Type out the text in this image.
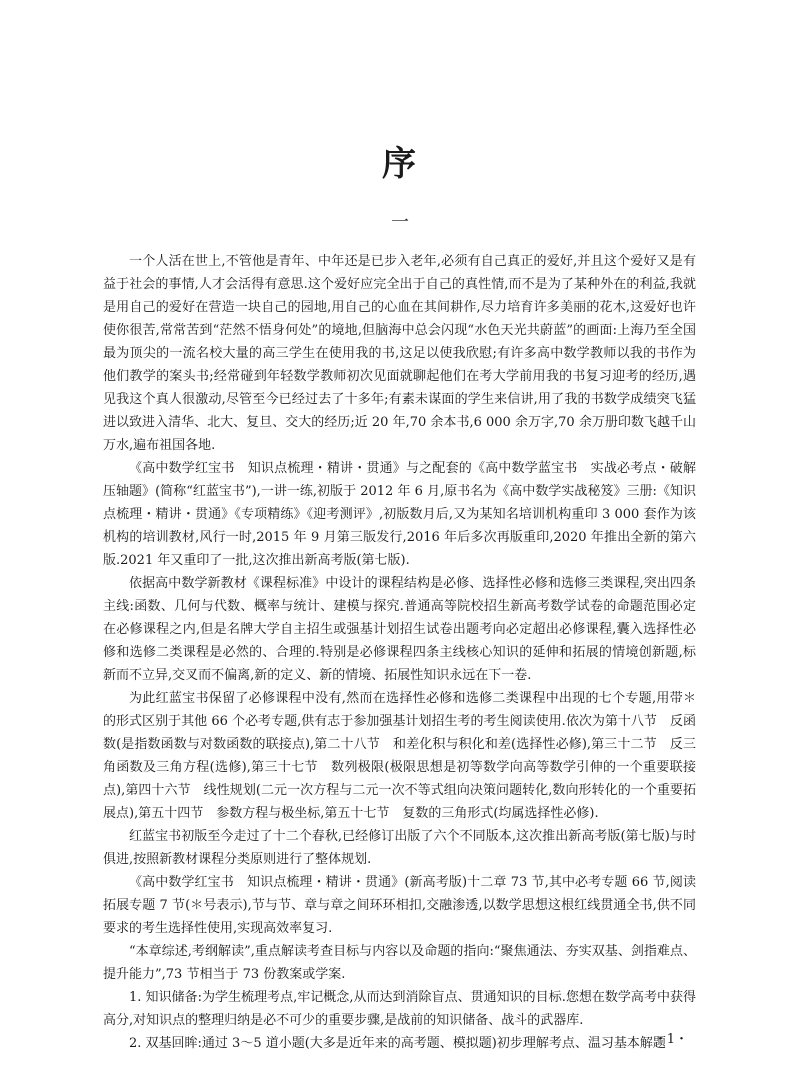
序
一

一个人活在世上,不管他是青年、中年还是已步入老年,必须有自己真正的爱好,并且这个爱好又是有益于社会的事情,人才会活得有意思.这个爱好应完全出于自己的真性情,而不是为了某种外在的利益,我就是用自己的爱好在营造一块自己的园地,用自己的心血在其间耕作,尽力培育许多美丽的花木,这爱好也许使你很苦,常常苦到“茫然不悟身何处”的境地,但脑海中总会闪现“水色天光共蔚蓝”的画面:上海乃至全国最为顶尖的一流名校大量的高三学生在使用我的书,这足以使我欣慰;有许多高中数学教师以我的书作为他们教学的案头书;经常碰到年轻数学教师初次见面就聊起他们在考大学前用我的书复习迎考的经历,遇见我这个真人很激动,尽管至今已经过去了十多年;有素未谋面的学生来信讲,用了我的书数学成绩突飞猛进以致进入清华、北大、复旦、交大的经历;近 20 年,70 余本书,6 000 余万字,70 余万册印数飞越千山万水,遍布祖国各地.

《高中数学红宝书　知识点梳理・精讲・贯通》与之配套的《高中数学蓝宝书　实战必考点・破解压轴题》(简称“红蓝宝书”),一讲一练,初版于 2012 年 6 月,原书名为《高中数学实战秘笈》三册:《知识点梳理・精讲・贯通》《专项精练》《迎考测评》,初版数月后,又为某知名培训机构重印 3 000 套作为该机构的培训教材,风行一时,2015 年 9 月第三版发行,2016 年后多次再版重印,2020 年推出全新的第六版.2021 年又重印了一批,这次推出新高考版(第七版).

依据高中数学新教材《课程标准》中设计的课程结构是必修、选择性必修和选修三类课程,突出四条主线:函数、几何与代数、概率与统计、建模与探究.普通高等院校招生新高考数学试卷的命题范围必定在必修课程之内,但是名牌大学自主招生或强基计划招生试卷出题考向必定超出必修课程,囊入选择性必修和选修二类课程是必然的、合理的.特别是必修课程四条主线核心知识的延伸和拓展的情境创新题,标新而不立异,交叉而不偏离,新的定义、新的情境、拓展性知识永远在下一卷.

为此红蓝宝书保留了必修课程中没有,然而在选择性必修和选修二类课程中出现的七个专题,用带＊的形式区别于其他 66 个必考专题,供有志于参加强基计划招生考的考生阅读使用.依次为第十八节　反函数(是指数函数与对数函数的联接点),第二十八节　和差化积与积化和差(选择性必修),第三十二节　反三角函数及三角方程(选修),第三十七节　数列极限(极限思想是初等数学向高等数学引伸的一个重要联接点),第四十六节　线性规划(二元一次方程与二元一次不等式组向决策问题转化,数向形转化的一个重要拓展点),第五十四节　参数方程与极坐标,第五十七节　复数的三角形式(均属选择性必修).

红蓝宝书初版至今走过了十二个春秋,已经修订出版了六个不同版本,这次推出新高考版(第七版)与时俱进,按照新教材课程分类原则进行了整体规划.

《高中数学红宝书　知识点梳理・精讲・贯通》(新高考版)十二章 73 节,其中必考专题 66 节,阅读拓展专题 7 节(＊号表示),节与节、章与章之间环环相扣,交融渗透,以数学思想这根红线贯通全书,供不同要求的考生选择性使用,实现高效率复习.

“本章综述,考纲解读”,重点解读考查目标与内容以及命题的指向:“聚焦通法、夯实双基、剑指难点、提升能力”,73 节相当于 73 份教案或学案.

1. 知识储备:为学生梳理考点,牢记概念,从而达到消除盲点、贯通知识的目标.您想在数学高考中获得高分,对知识点的整理归纳是必不可少的重要步骤,是战前的知识储备、战斗的武器库.

2. 双基回眸:通过 3～5 道小题(大多是近年来的高考题、模拟题)初步理解考点、温习基本解题

・1・
